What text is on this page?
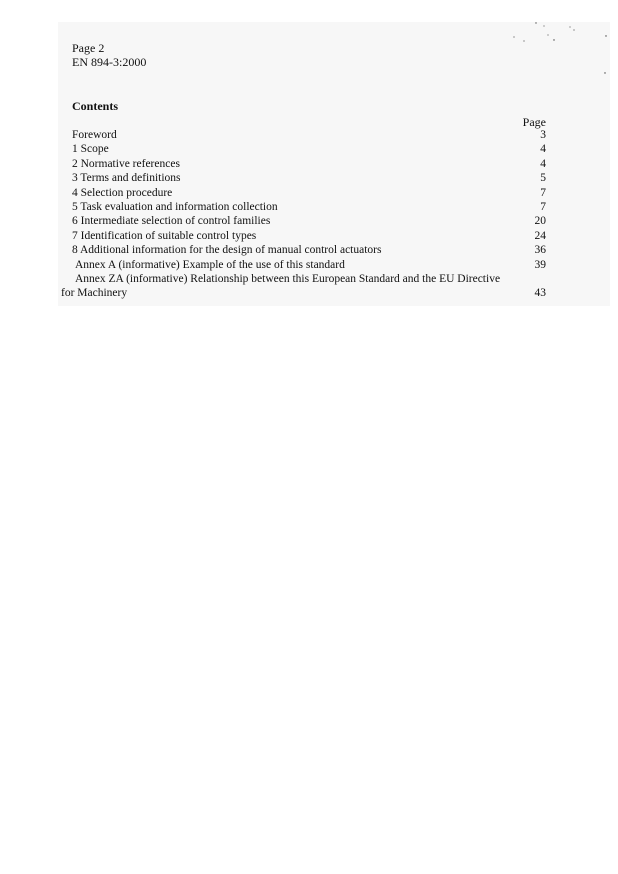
Page 2
EN 894-3:2000
Contents
Page
Foreword	3
1 Scope	4
2 Normative references	4
3 Terms and definitions	5
4 Selection procedure	7
5 Task evaluation and information collection	7
6 Intermediate selection of control families	20
7 Identification of suitable control types	24
8 Additional information for the design of manual control actuators	36
Annex A (informative) Example of the use of this standard	39
Annex ZA (informative) Relationship between this European Standard and the EU Directive
for Machinery	43
